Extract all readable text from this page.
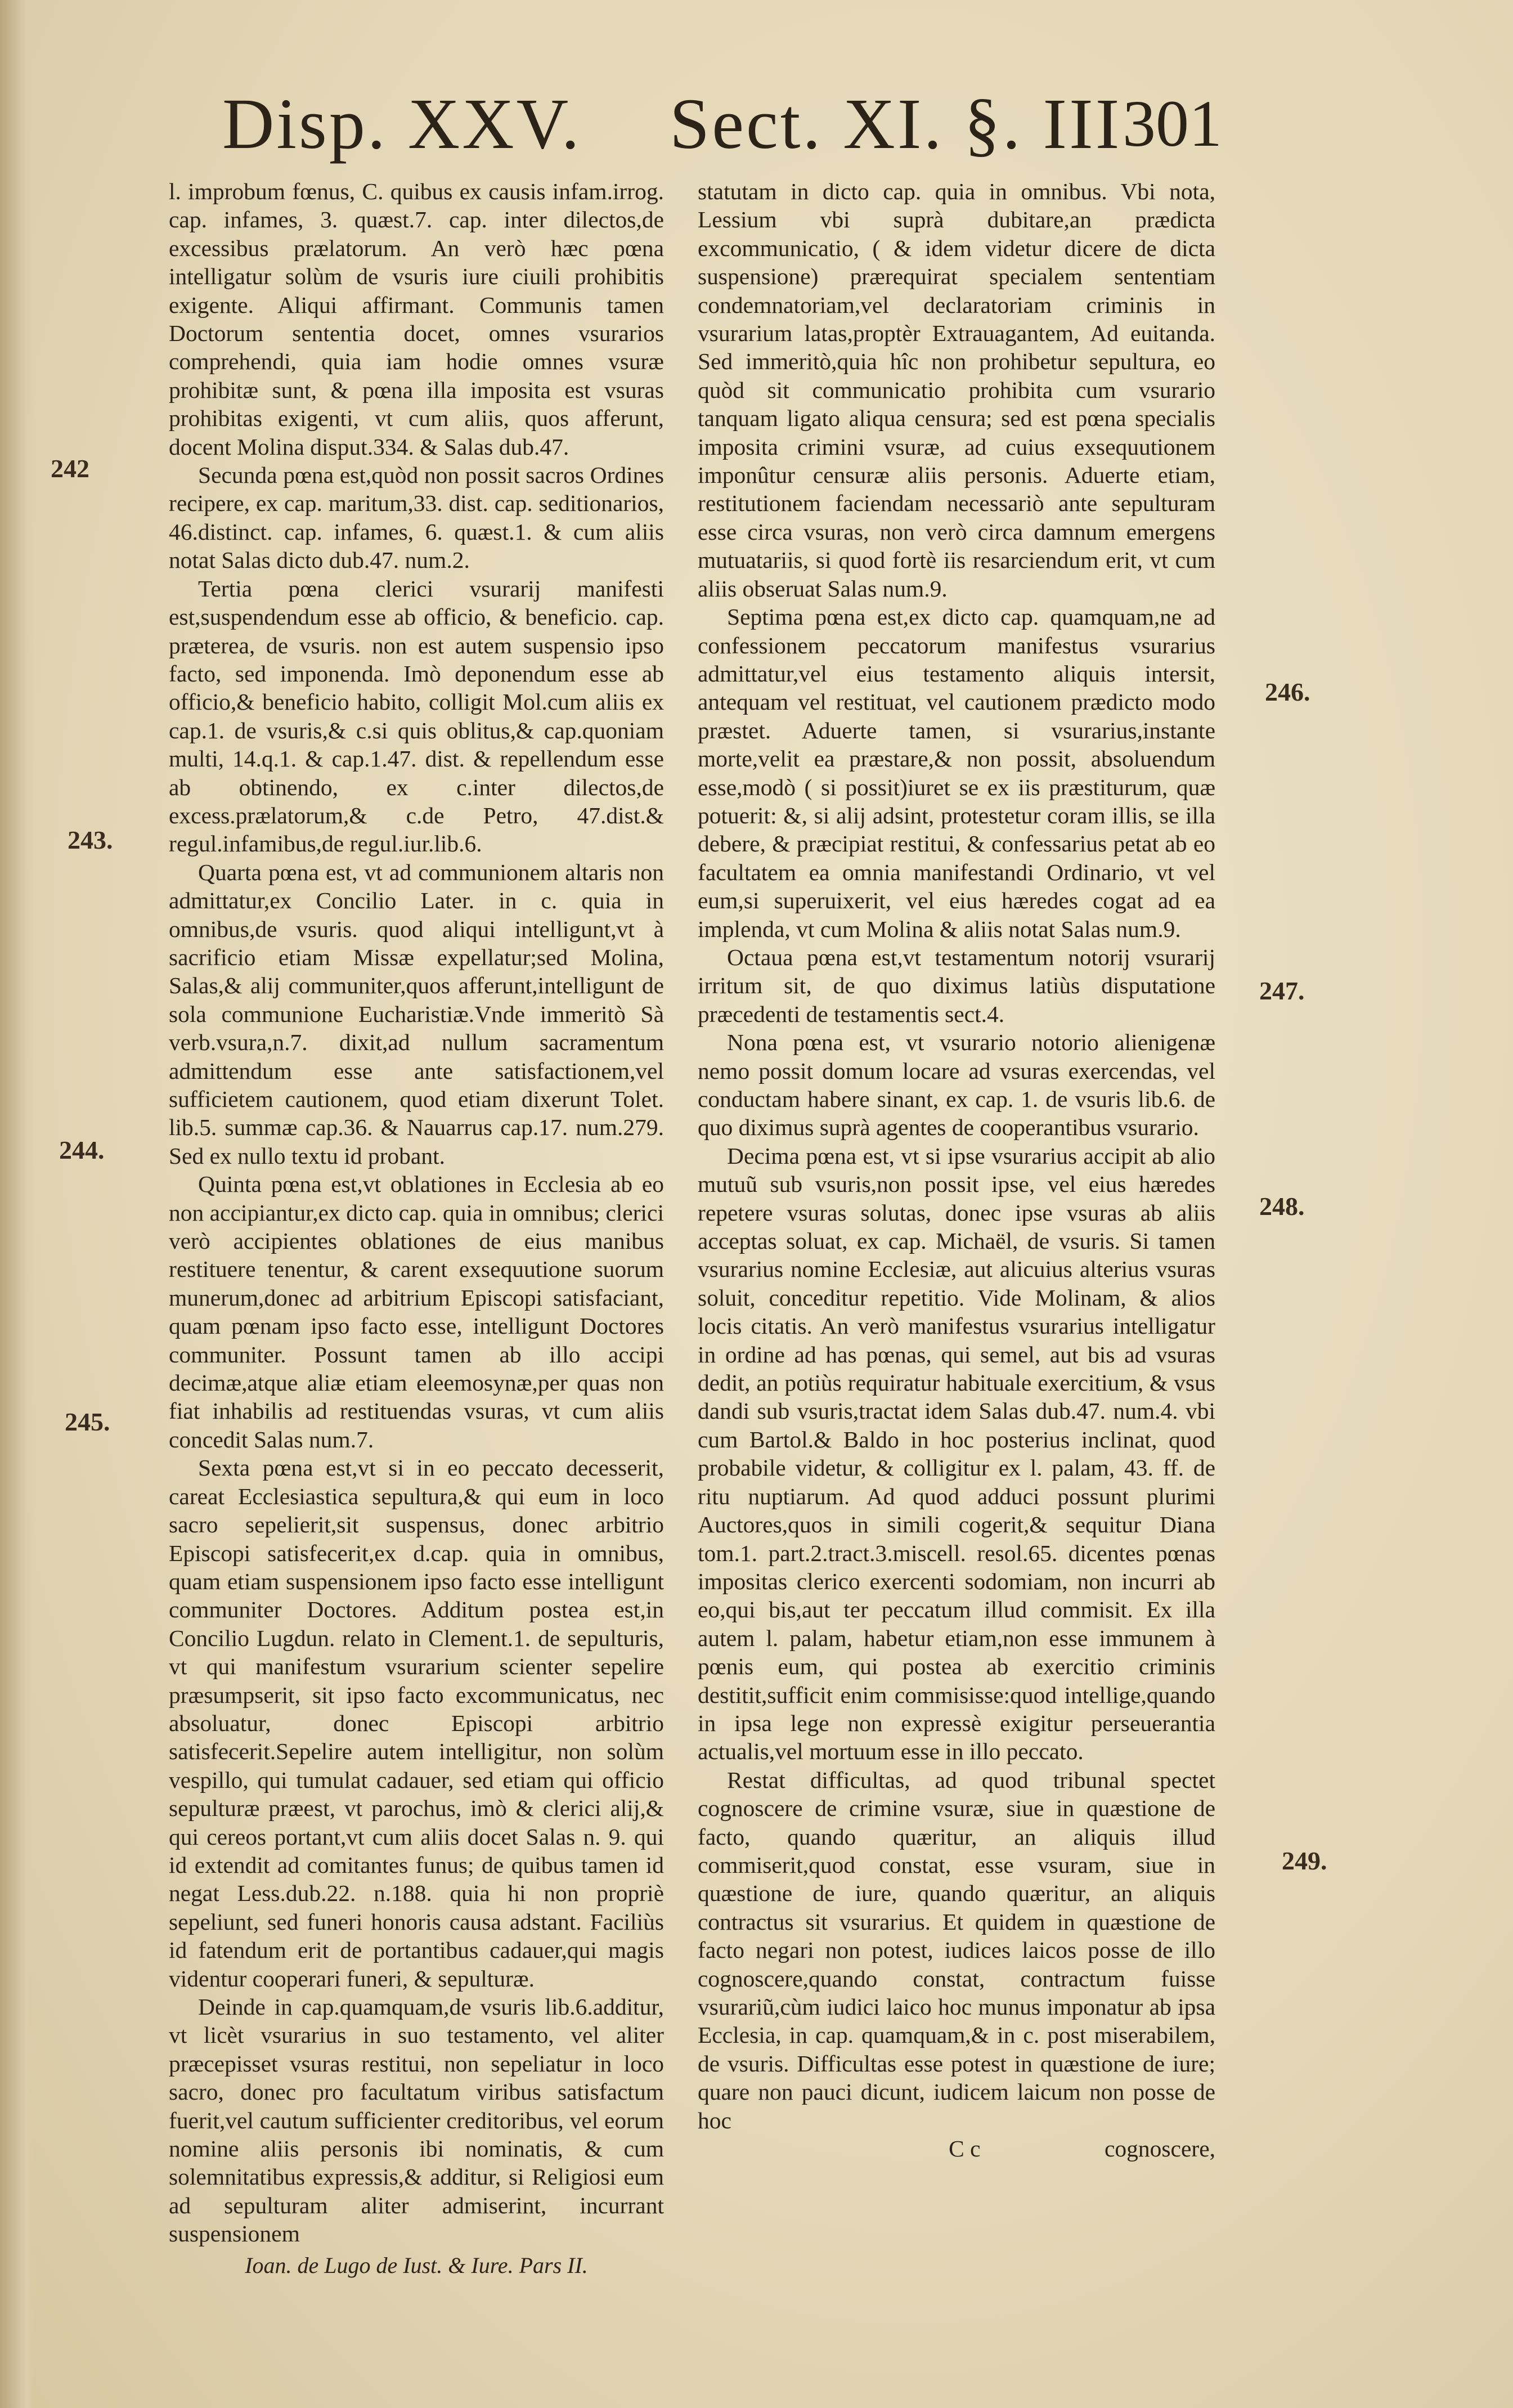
Disp. XXV. Sect. XI. §. III 301
242
243.
244.
245.
246.
247.
248.
249.

l. improbum fœnus, C. quibus ex causis infam.irrog. cap. infames, 3. quæst.7. cap. inter dilectos,de excessibus prælatorum. An verò hæc pœna intelligatur solùm de vsuris iure ciuili prohibitis exigente. Aliqui affirmant. Communis tamen Doctorum sententia docet, omnes vsurarios comprehendi, quia iam hodie omnes vsuræ prohibitæ sunt, & pœna illa imposita est vsuras prohibitas exigenti, vt cum aliis, quos afferunt, docent Molina disput.334. & Salas dub.47.

Secunda pœna est,quòd non possit sacros Ordines recipere, ex cap. maritum,33. dist. cap. seditionarios, 46.distinct. cap. infames, 6. quæst.1. & cum aliis notat Salas dicto dub.47. num.2.

Tertia pœna clerici vsurarij manifesti est,suspendendum esse ab officio, & beneficio. cap. præterea, de vsuris. non est autem suspensio ipso facto, sed imponenda. Imò deponendum esse ab officio,& beneficio habito, colligit Mol.cum aliis ex cap.1. de vsuris,& c.si quis oblitus,& cap.quoniam multi, 14.q.1. & cap.1.47. dist. & repellendum esse ab obtinendo, ex c.inter dilectos,de excess.prælatorum,& c.de Petro, 47.dist.& regul.infamibus,de regul.iur.lib.6.

Quarta pœna est, vt ad communionem altaris non admittatur,ex Concilio Later. in c. quia in omnibus,de vsuris. quod aliqui intelligunt,vt à sacrificio etiam Missæ expellatur;sed Molina, Salas,& alij communiter,quos afferunt,intelligunt de sola communione Eucharistiæ.Vnde immeritò Sà verb.vsura,n.7. dixit,ad nullum sacramentum admittendum esse ante satisfactionem,vel sufficietem cautionem, quod etiam dixerunt Tolet. lib.5. summæ cap.36. & Nauarrus cap.17. num.279. Sed ex nullo textu id probant.

Quinta pœna est,vt oblationes in Ecclesia ab eo non accipiantur,ex dicto cap. quia in omnibus; clerici verò accipientes oblationes de eius manibus restituere tenentur, & carent exsequutione suorum munerum,donec ad arbitrium Episcopi satisfaciant, quam pœnam ipso facto esse, intelligunt Doctores communiter. Possunt tamen ab illo accipi decimæ,atque aliæ etiam eleemosynæ,per quas non fiat inhabilis ad restituendas vsuras, vt cum aliis concedit Salas num.7.

Sexta pœna est,vt si in eo peccato decesserit, careat Ecclesiastica sepultura,& qui eum in loco sacro sepelierit,sit suspensus, donec arbitrio Episcopi satisfecerit,ex d.cap. quia in omnibus, quam etiam suspensionem ipso facto esse intelligunt communiter Doctores. Additum postea est,in Concilio Lugdun. relato in Clement.1. de sepulturis, vt qui manifestum vsurarium scienter sepelire præsumpserit, sit ipso facto excommunicatus, nec absoluatur, donec Episcopi arbitrio satisfecerit.Sepelire autem intelligitur, non solùm vespillo, qui tumulat cadauer, sed etiam qui officio sepulturæ præest, vt parochus, imò & clerici alij,& qui cereos portant,vt cum aliis docet Salas n. 9. qui id extendit ad comitantes funus; de quibus tamen id negat Less.dub.22. n.188. quia hi non propriè sepeliunt, sed funeri honoris causa adstant. Faciliùs id fatendum erit de portantibus cadauer,qui magis videntur cooperari funeri, & sepulturæ.

Deinde in cap.quamquam,de vsuris lib.6.additur, vt licèt vsurarius in suo testamento, vel aliter præcepisset vsuras restitui, non sepeliatur in loco sacro, donec pro facultatum viribus satisfactum fuerit,vel cautum sufficienter creditoribus, vel eorum nomine aliis personis ibi nominatis, & cum solemnitatibus expressis,& additur, si Religiosi eum ad sepulturam aliter admiserint, incurrant suspensionem

Ioan. de Lugo de Iust. & Iure. Pars II.

statutam in dicto cap. quia in omnibus. Vbi nota, Lessium vbi suprà dubitare,an prædicta excommunicatio, ( & idem videtur dicere de dicta suspensione) prærequirat specialem sententiam condemnatoriam,vel declaratoriam criminis in vsurarium latas,proptèr Extrauagantem, Ad euitanda. Sed immeritò,quia hîc non prohibetur sepultura, eo quòd sit communicatio prohibita cum vsurario tanquam ligato aliqua censura; sed est pœna specialis imposita crimini vsuræ, ad cuius exsequutionem imponûtur censuræ aliis personis. Aduerte etiam, restitutionem faciendam necessariò ante sepulturam esse circa vsuras, non verò circa damnum emergens mutuatariis, si quod fortè iis resarciendum erit, vt cum aliis obseruat Salas num.9.

Septima pœna est,ex dicto cap. quamquam,ne ad confessionem peccatorum manifestus vsurarius admittatur,vel eius testamento aliquis intersit, antequam vel restituat, vel cautionem prædicto modo præstet. Aduerte tamen, si vsurarius,instante morte,velit ea præstare,& non possit, absoluendum esse,modò ( si possit)iuret se ex iis præstiturum, quæ potuerit: &, si alij adsint, protestetur coram illis, se illa debere, & præcipiat restitui, & confessarius petat ab eo facultatem ea omnia manifestandi Ordinario, vt vel eum,si superuixerit, vel eius hæredes cogat ad ea implenda, vt cum Molina & aliis notat Salas num.9.

Octaua pœna est,vt testamentum notorij vsurarij irritum sit, de quo diximus latiùs disputatione præcedenti de testamentis sect.4.

Nona pœna est, vt vsurario notorio alienigenæ nemo possit domum locare ad vsuras exercendas, vel conductam habere sinant, ex cap. 1. de vsuris lib.6. de quo diximus suprà agentes de cooperantibus vsurario.

Decima pœna est, vt si ipse vsurarius accipit ab alio mutuũ sub vsuris,non possit ipse, vel eius hæredes repetere vsuras solutas, donec ipse vsuras ab aliis acceptas soluat, ex cap. Michaël, de vsuris. Si tamen vsurarius nomine Ecclesiæ, aut alicuius alterius vsuras soluit, conceditur repetitio. Vide Molinam, & alios locis citatis. An verò manifestus vsurarius intelligatur in ordine ad has pœnas, qui semel, aut bis ad vsuras dedit, an potiùs requiratur habituale exercitium, & vsus dandi sub vsuris,tractat idem Salas dub.47. num.4. vbi cum Bartol.& Baldo in hoc posterius inclinat, quod probabile videtur, & colligitur ex l. palam, 43. ff. de ritu nuptiarum. Ad quod adduci possunt plurimi Auctores,quos in simili cogerit,& sequitur Diana tom.1. part.2.tract.3.miscell. resol.65. dicentes pœnas impositas clerico exercenti sodomiam, non incurri ab eo,qui bis,aut ter peccatum illud commisit. Ex illa autem l. palam, habetur etiam,non esse immunem à pœnis eum, qui postea ab exercitio criminis destitit,sufficit enim commisisse:quod intellige,quando in ipsa lege non expressè exigitur perseuerantia actualis,vel mortuum esse in illo peccato.

Restat difficultas, ad quod tribunal spectet cognoscere de crimine vsuræ, siue in quæstione de facto, quando quæritur, an aliquis illud commiserit,quod constat, esse vsuram, siue in quæstione de iure, quando quæritur, an aliquis contractus sit vsurarius. Et quidem in quæstione de facto negari non potest, iudices laicos posse de illo cognoscere,quando constat, contractum fuisse vsurariũ,cùm iudici laico hoc munus imponatur ab ipsa Ecclesia, in cap. quamquam,& in c. post miserabilem, de vsuris. Difficultas esse potest in quæstione de iure; quare non pauci dicunt, iudicem laicum non posse de hoc

C c	cognoscere,
